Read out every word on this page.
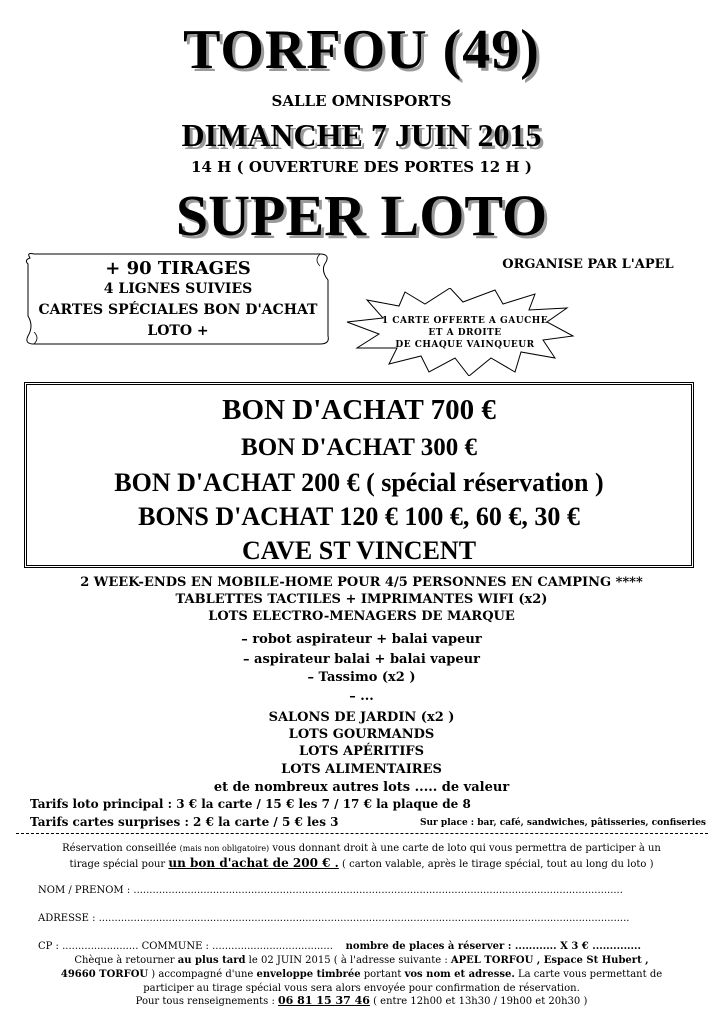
TORFOU (49)
SALLE OMNISPORTS
DIMANCHE 7 JUIN 2015
14 H ( OUVERTURE DES PORTES 12 H )
SUPER LOTO
ORGANISE PAR L'APEL
+ 90 TIRAGES
4 LIGNES SUIVIES
CARTES SPÉCIALES BON D'ACHAT
LOTO +
1 CARTE OFFERTE A GAUCHE
ET A DROITE
DE CHAQUE VAINQUEUR
BON D'ACHAT 700 €
BON D'ACHAT 300 €
BON D'ACHAT 200 € ( spécial réservation )
BONS D'ACHAT 120 € 100 €, 60 €, 30 €
CAVE ST VINCENT
2 WEEK-ENDS EN MOBILE-HOME POUR 4/5 PERSONNES EN CAMPING ****
TABLETTES TACTILES + IMPRIMANTES WIFI (x2)
LOTS ELECTRO-MENAGERS DE MARQUE
– robot aspirateur + balai vapeur
– aspirateur balai + balai vapeur
– Tassimo (x2 )
– ...
SALONS DE JARDIN (x2 )
LOTS GOURMANDS
LOTS APÉRITIFS
LOTS ALIMENTAIRES
et de nombreux autres lots ..... de valeur
Tarifs loto principal : 3 € la carte / 15 € les 7 / 17 € la plaque de 8
Tarifs cartes surprises : 2 € la carte / 5 € les 3	Sur place : bar, café, sandwiches, pâtisseries, confiseries
Réservation conseillée (mais non obligatoire) vous donnant droit à une carte de loto qui vous permettra de participer à un
tirage spécial pour un bon d'achat de 200 € . ( carton valable, après le tirage spécial, tout au long du loto )
NOM / PRENOM : ..........................................................................................................................................................
ADRESSE : .......................................................................................................................................................................
CP : ........................ COMMUNE : ...................................... nombre de places à réserver : ............ X 3 € ..............
Chèque à retourner au plus tard le 02 JUIN 2015 ( à l'adresse suivante : APEL TORFOU , Espace St Hubert ,
49660 TORFOU ) accompagné d'une enveloppe timbrée portant vos nom et adresse. La carte vous permettant de
participer au tirage spécial vous sera alors envoyée pour confirmation de réservation.
Pour tous renseignements : 06 81 15 37 46 ( entre 12h00 et 13h30 / 19h00 et 20h30 )
